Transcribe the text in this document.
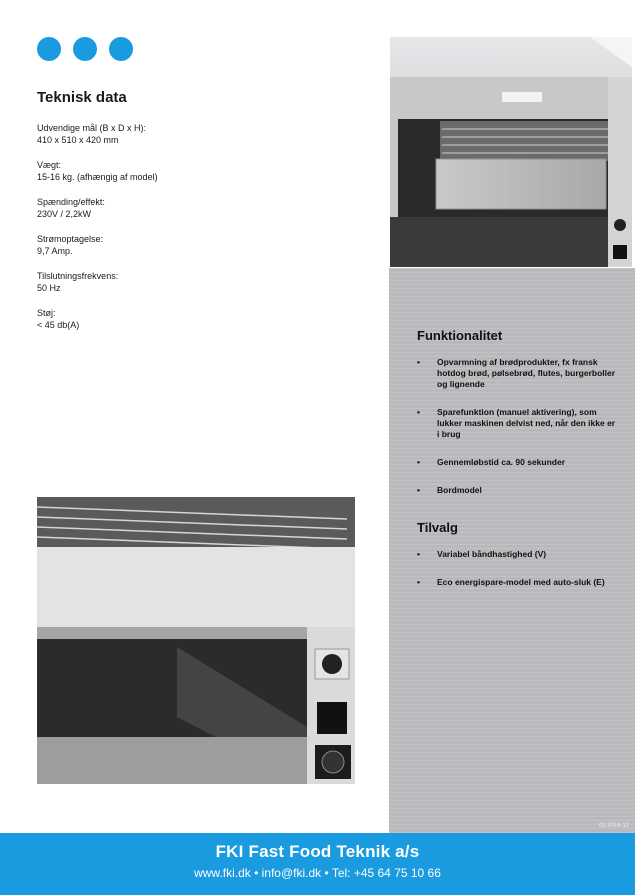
Teknisk data
Udvendige mål (B x D x H):
410 x 510 x 420 mm
Vægt:
15-16 kg. (afhængig af model)
Spænding/effekt:
230V / 2,2kW
Strømoptagelse:
9,7 Amp.
Tilslutningsfrekvens:
50 Hz
Støj:
< 45 db(A)
Funktionalitet
• Opvarmning af brødprodukter, fx fransk hotdog brød, pølsebrød, flutes, burgerboller og lignende
• Sparefunktion (manuel aktivering), som lukker maskinen delvist ned, når den ikke er i brug
• Gennemløbstid ca. 90 sekunder
• Bordmodel
Tilvalg
• Variabel båndhastighed (V)
• Eco energispare-model med auto-sluk (E)
02.2016.12
FKI Fast Food Teknik a/s
www.fki.dk • info@fki.dk • Tel: +45 64 75 10 66
